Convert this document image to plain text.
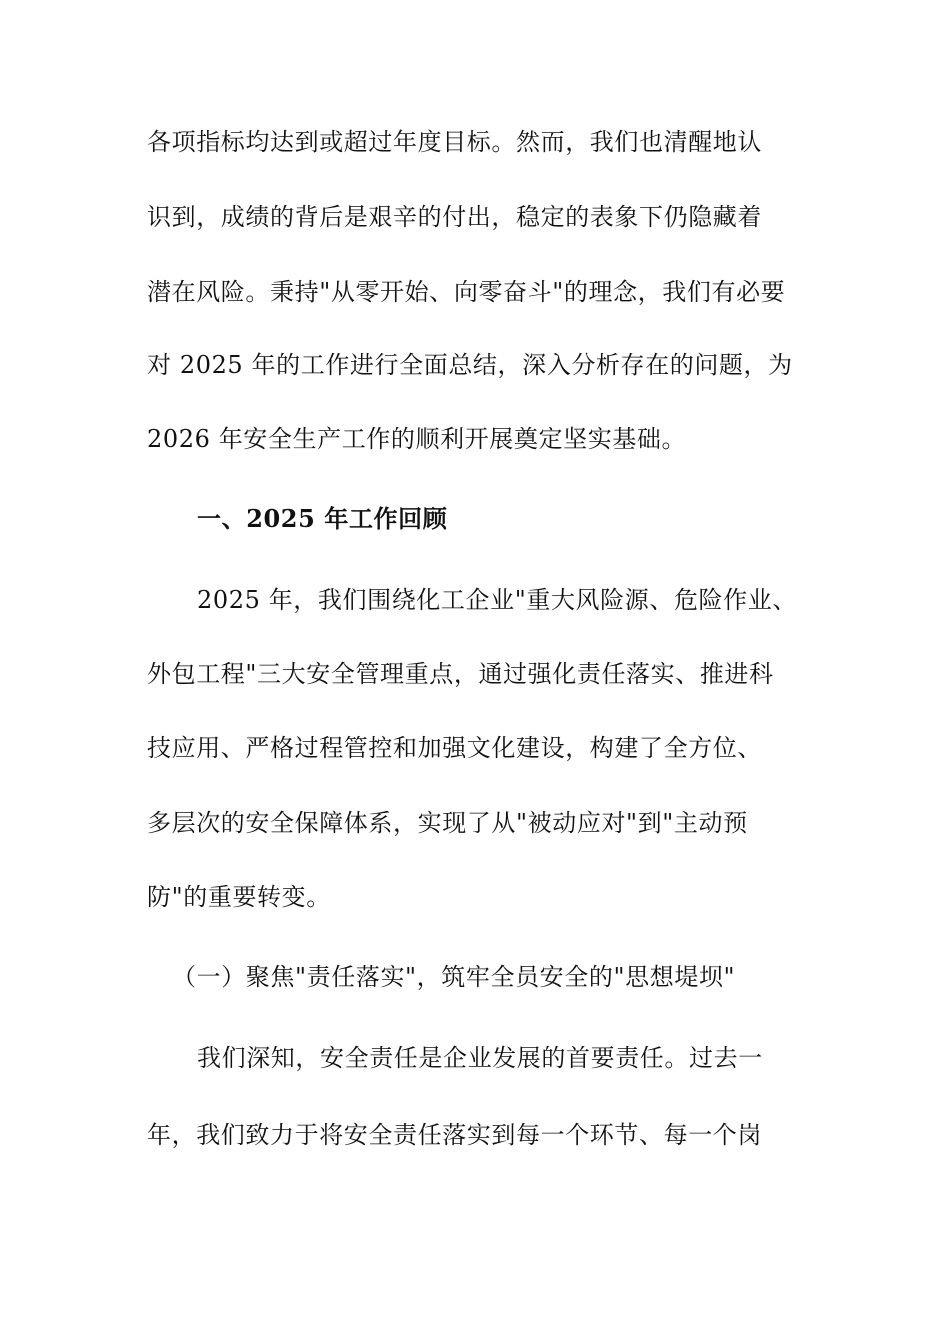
各项指标均达到或超过年度目标。然而，我们也清醒地认
识到，成绩的背后是艰辛的付出，稳定的表象下仍隐藏着
潜在风险。秉持"从零开始、向零奋斗"的理念，我们有必要
对 2025 年的工作进行全面总结，深入分析存在的问题，为
2026 年安全生产工作的顺利开展奠定坚实基础。
一、2025 年工作回顾
2025 年，我们围绕化工企业"重大风险源、危险作业、
外包工程"三大安全管理重点，通过强化责任落实、推进科
技应用、严格过程管控和加强文化建设，构建了全方位、
多层次的安全保障体系，实现了从"被动应对"到"主动预
防"的重要转变。
（一）聚焦"责任落实"，筑牢全员安全的"思想堤坝"
我们深知，安全责任是企业发展的首要责任。过去一
年，我们致力于将安全责任落实到每一个环节、每一个岗
